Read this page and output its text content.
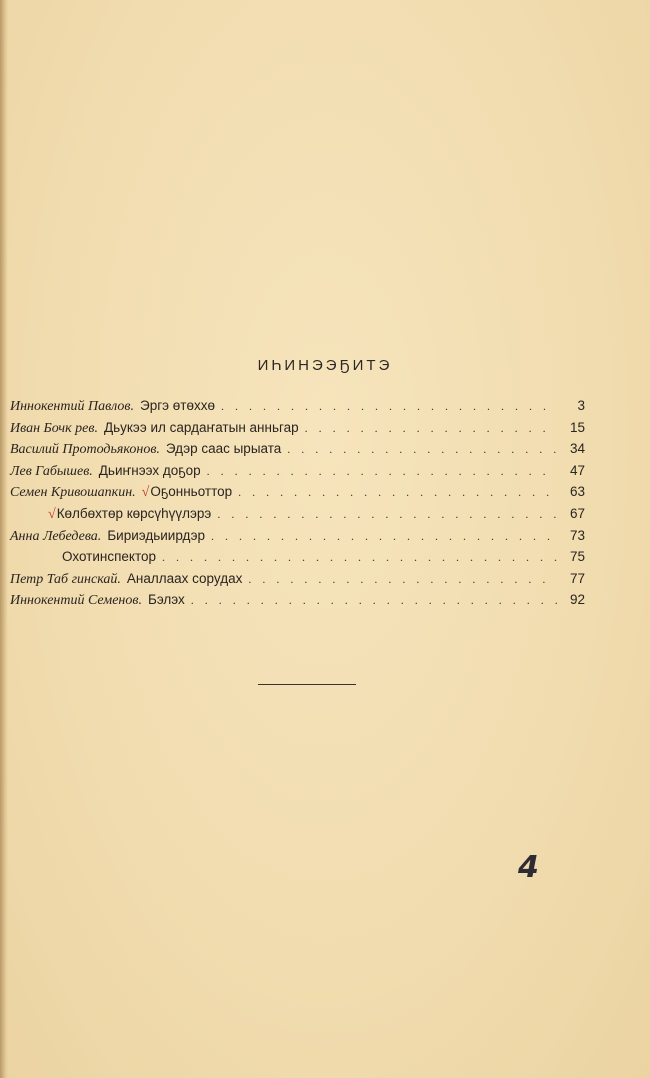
ИҺИНЭЭҔИТЭ
Иннокентий Павлов. Эргэ өтөххө . . .	3
Иван Бочк рев. Дьукээ ил сардаҥатын анньгар . . .	15
Василий Протодьяконов. Эдэр саас ырыата . . .	34
Лев Габышев. Дьиҥнээх доҕор . . .	47
Семен Кривошапкин. √ Оҕонньоттор . . .	63
√ Көлбөхтөр көрсүһүүлэрэ . . .	67
Анна Лебедева. Бириэдьиирдэр . . .	73
Охотинспектор . . .	75
Петр Таб гинскай. Аналлаах сорудах . . .	77
Иннокентий Семенов. Бэлэх . . .	92
4
